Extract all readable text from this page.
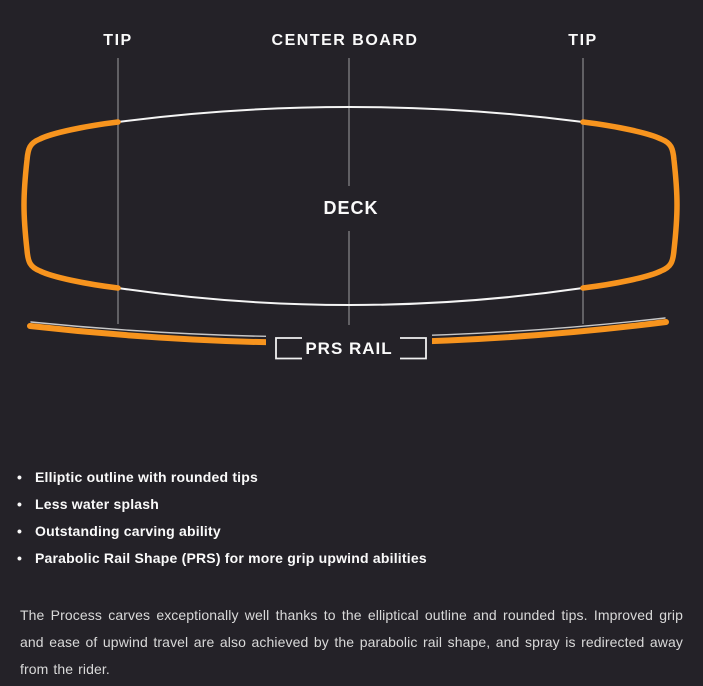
TIP	CENTER BOARD	TIP
DECK
PRS RAIL
• Elliptic outline with rounded tips
• Less water splash
• Outstanding carving ability
• Parabolic Rail Shape (PRS) for more grip upwind abilities

The Process carves exceptionally well thanks to the elliptical outline and rounded tips. Improved grip and ease of upwind travel are also achieved by the parabolic rail shape, and spray is redirected away from the rider.
